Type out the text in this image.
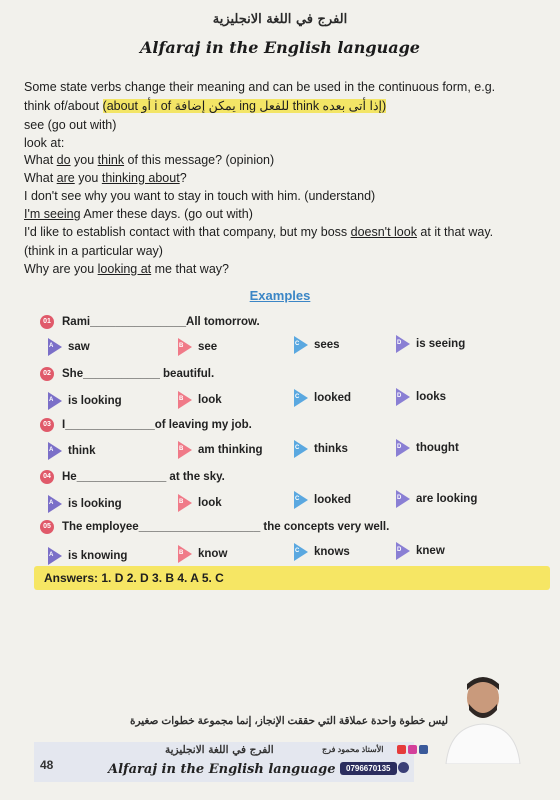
الفرج في اللغة الانجليزية
Alfaraj in the English language
Some state verbs change their meaning and can be used in the continuous form, e.g.
think of/about (about أو i of يمكن إضافة ing للفعل think إذا أتى بعده)
see (go out with)
look at:
What do you think of this message? (opinion)
What are you thinking about?
I don't see why you want to stay in touch with him. (understand)
I'm seeing Amer these days. (go out with)
I'd like to establish contact with that company, but my boss doesn't look at it that way.
(think in a particular way)
Why are you looking at me that way?
Examples
01 Rami_______________All tomorrow.
A saw	B see	C sees	D is seeing
02 She____________ beautiful.
A is looking	B look	C looked	D looks
03 I______________of leaving my job.
A think	B am thinking	C thinks	D thought
04 He______________ at the sky.
A is looking	B look	C looked	D are looking
05 The employee___________________ the concepts very well.
A is knowing	B know	C knows	D knew
Answers: 1. D 2. D 3. B 4. A 5. C
ليس خطوة واحدة عملاقة التي حققت الإنجاز، إنما مجموعة خطوات صغيرة
48
الفرج في اللغة الانجليزية
Alfaraj in the English language
الأستاذ محمود فرج
0796670135
